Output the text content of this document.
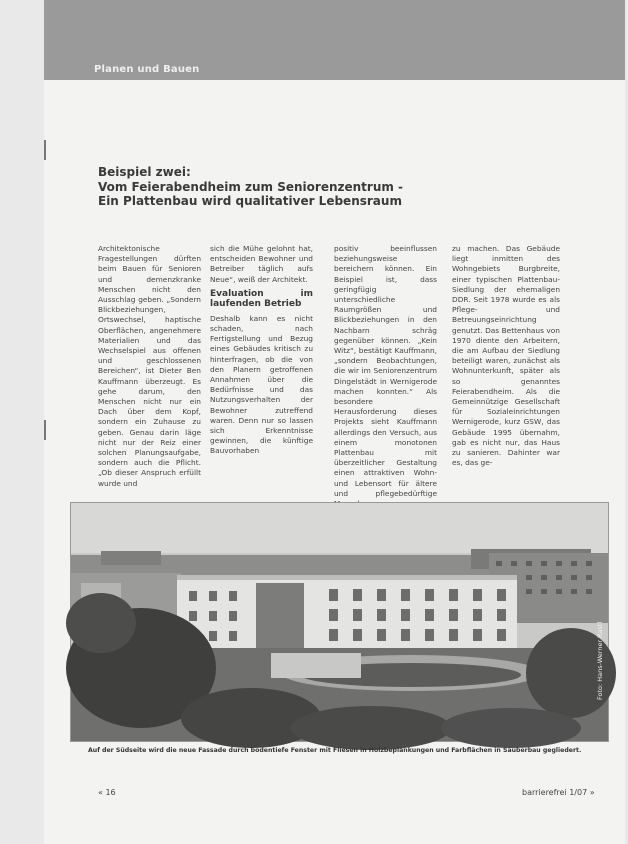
Planen und Bauen
Beispiel zwei:
Vom Feierabendheim zum Seniorenzentrum -
Ein Plattenbau wird qualitativer Lebensraum

Architektonische Fragestellungen dürften beim Bauen für Senioren und demenzkranke Menschen nicht den Ausschlag geben. „Sondern Blickbeziehungen, Ortswechsel, haptische Oberflächen, angenehmere Materialien und das Wechselspiel aus offenen und geschlossenen Bereichen“, ist Dieter Ben Kauffmann überzeugt. Es gehe darum, den Menschen nicht nur ein Dach über dem Kopf, sondern ein Zuhause zu geben. Genau darin läge nicht nur der Reiz einer solchen Planungsaufgabe, sondern auch die Pflicht. „Ob dieser Anspruch erfüllt wurde und

sich die Mühe gelohnt hat, entscheiden Bewohner und Betreiber täglich aufs Neue“, weiß der Architekt.

Evaluation im laufenden Betrieb

Deshalb kann es nicht schaden, nach Fertigstellung und Bezug eines Gebäudes kritisch zu hinterfragen, ob die von den Planern getroffenen Annahmen über die Bedürfnisse und das Nutzungsverhalten der Bewohner zutreffend waren. Denn nur so lassen sich Erkenntnisse gewinnen, die künftige Bauvorhaben

positiv beeinflussen beziehungsweise bereichern können. Ein Beispiel ist, dass geringfügig unterschiedliche Raumgrößen und Blickbeziehungen in den Nachbarn schräg gegenüber können. „Kein Witz“, bestätigt Kauffmann, „sondern Beobachtungen, die wir im Seniorenzentrum Dingelstädt in Wernigerode machen konnten.“ Als besondere Herausforderung dieses Projekts sieht Kauffmann allerdings den Versuch, aus einem monotonen Plattenbau mit überzeitlicher Gestaltung einen attraktiven Wohn- und Lebensort für ältere und pflegebedürftige

zu machen. Das Gebäude liegt inmitten des Wohngebiets Burgbreite, einer typischen Plattenbau-Siedlung der ehemaligen DDR. Seit 1978 wurde es als Pflege- und Betreuungseinrichtung genutzt. Das Bettenhaus von 1970 diente den Arbeitern, die am Aufbau der Siedlung beteiligt waren, zunächst als Wohnunterkunft, später als so genanntes Feierabendheim. Als die Gemeinnützige Gesellschaft für Sozialeinrichtungen Wernigerode, kurz GSW, das Gebäude 1995 übernahm, gab es nicht nur, das Haus zu sanieren. Dahinter war es, das ge-

Foto: Hans-Werner Rastl
Auf der Südseite wird die neue Fassade durch bodentiefe Fenster mit Fliesen in Holzbeplankungen und Farbflächen in Sauberbau gegliedert.
« 16	barrierefrei 1/07 »
